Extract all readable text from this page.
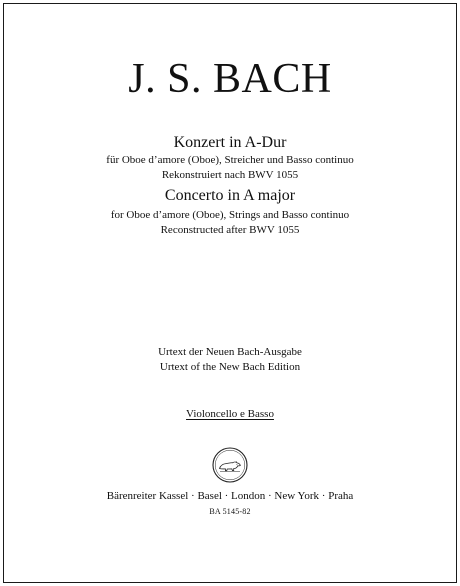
J. S. BACH
Konzert in A-Dur
für Oboe d’amore (Oboe), Streicher und Basso continuo
Rekonstruiert nach BWV 1055
Concerto in A major
for Oboe d’amore (Oboe), Strings and Basso continuo
Reconstructed after BWV 1055
Urtext der Neuen Bach-Ausgabe
Urtext of the New Bach Edition
Violoncello e Basso
Bärenreiter Kassel · Basel · London · New York · Praha
BA 5145-82
